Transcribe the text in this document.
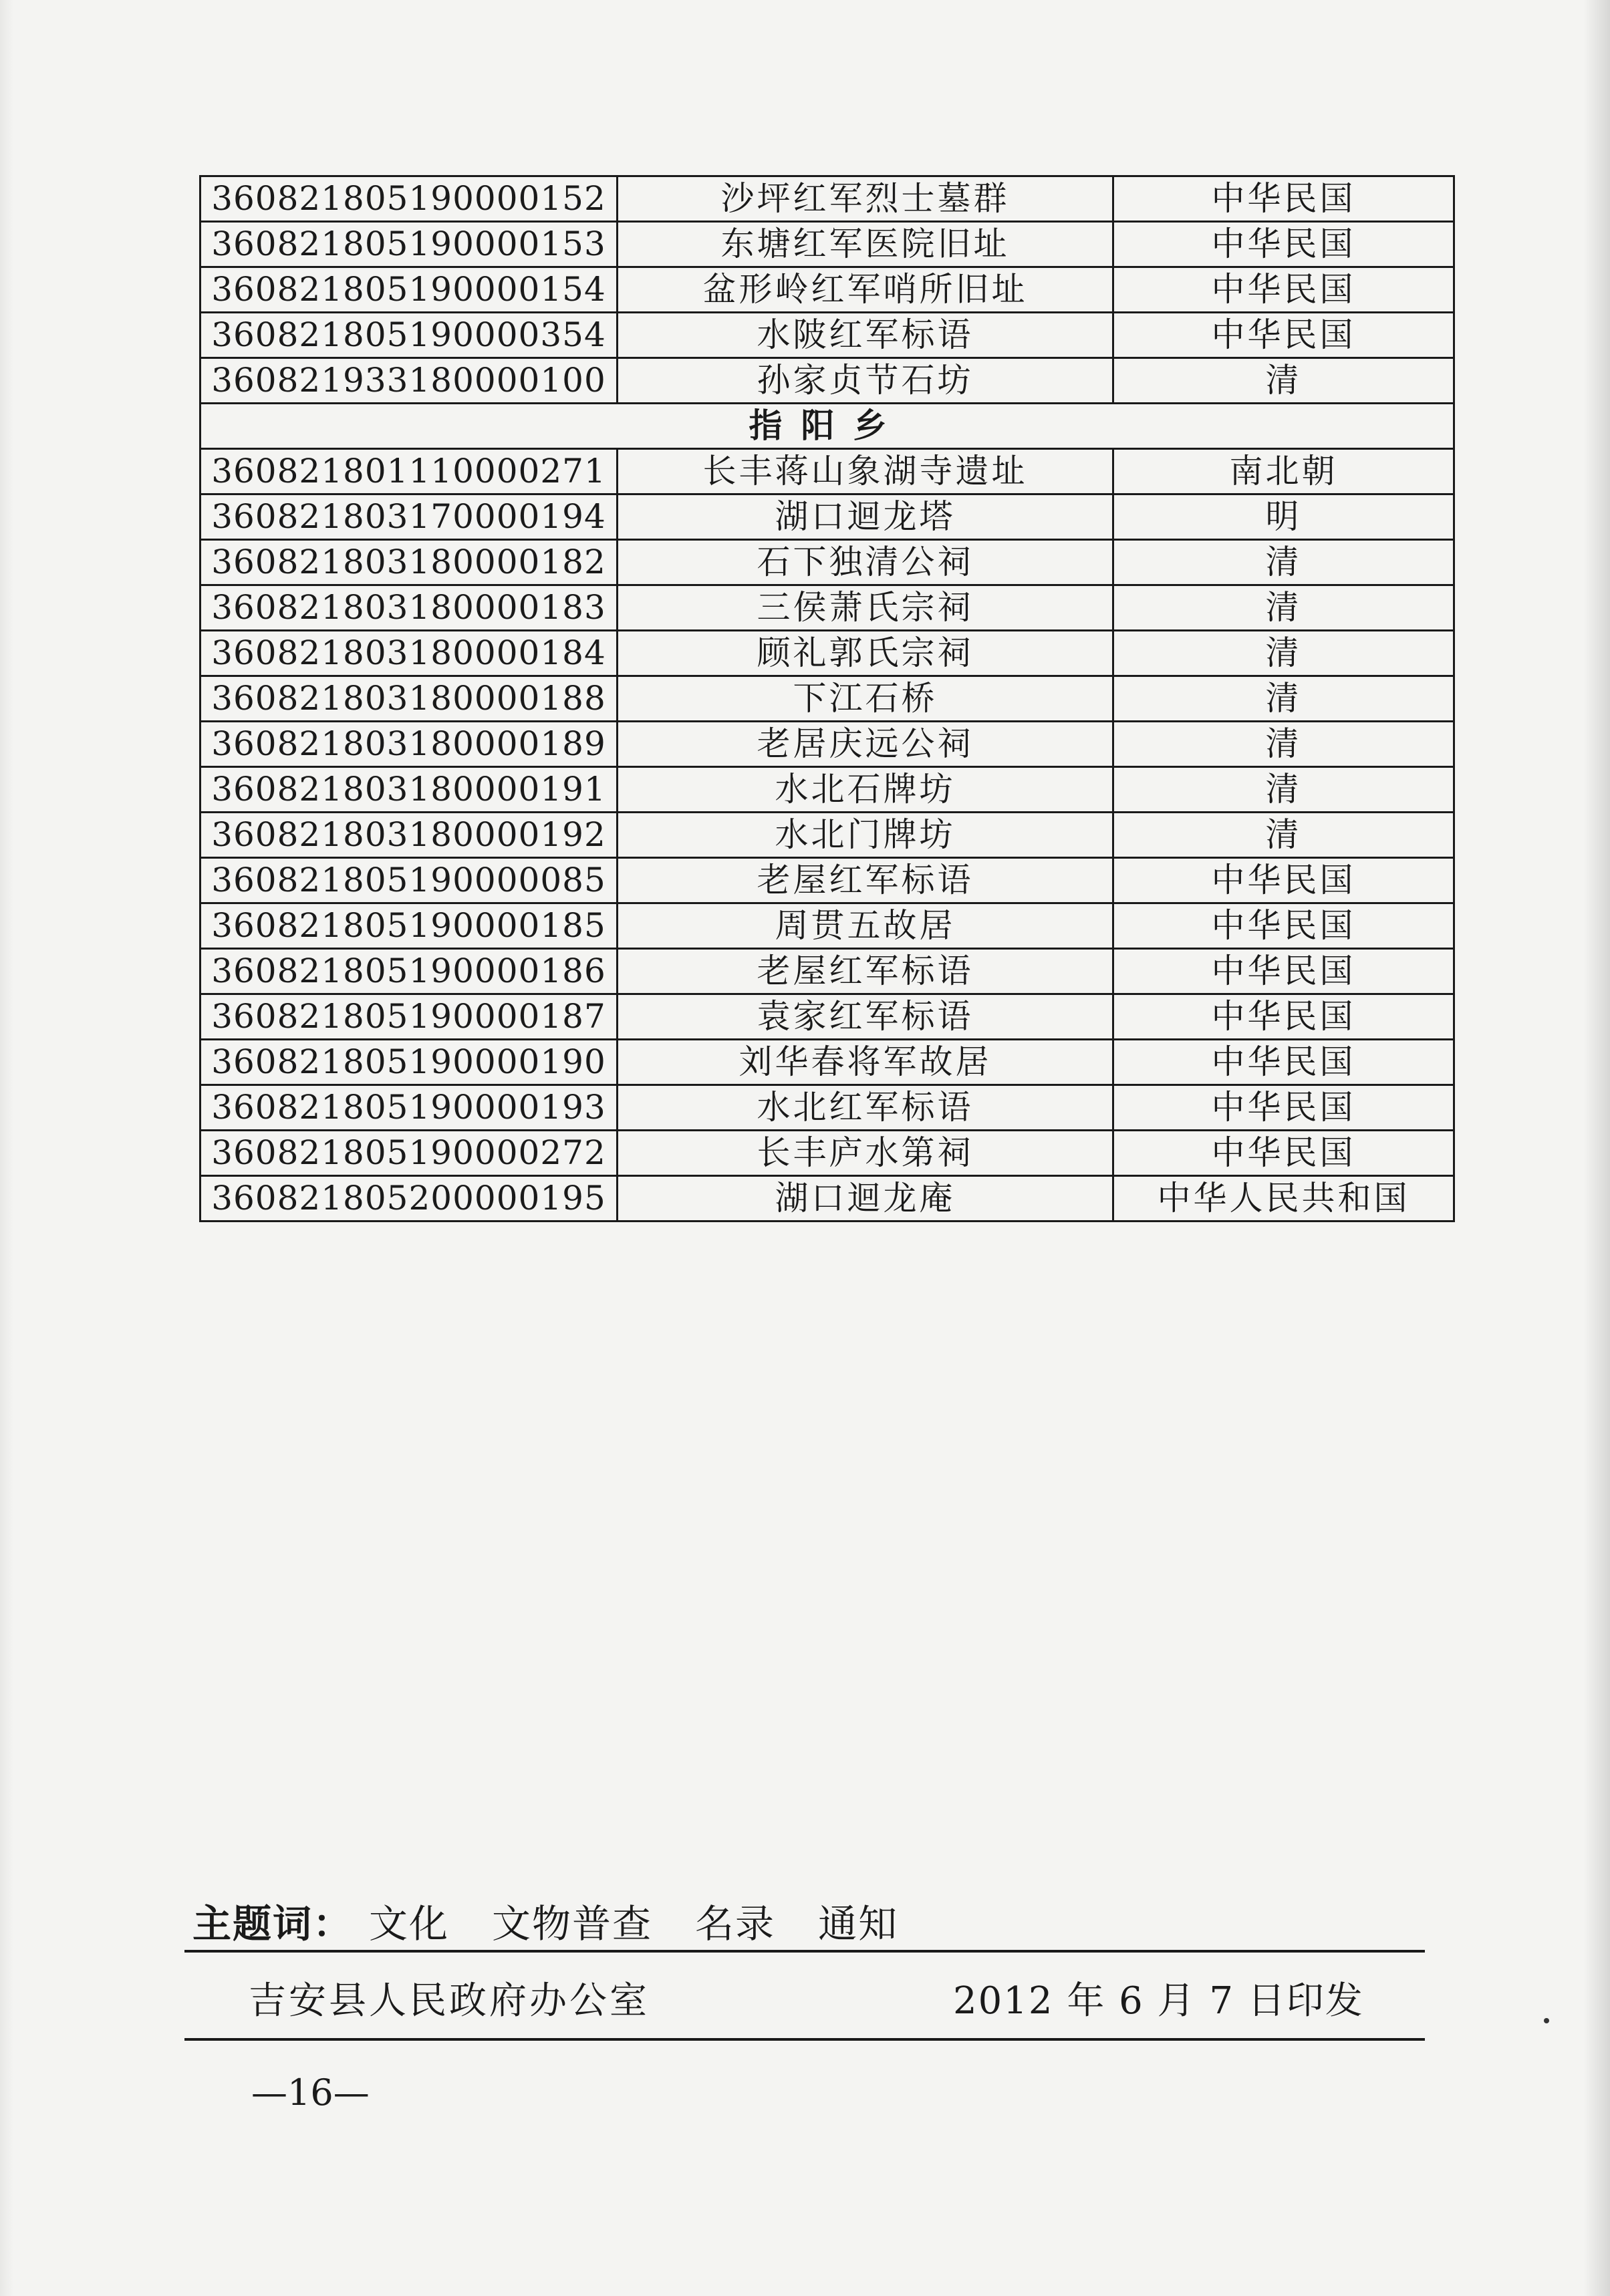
360821805190000152	沙坪红军烈士墓群	中华民国
360821805190000153	东塘红军医院旧址	中华民国
360821805190000154	盆形岭红军哨所旧址	中华民国
360821805190000354	水陂红军标语	中华民国
360821933180000100	孙家贞节石坊	清
指阳乡		
360821801110000271	长丰蒋山象湖寺遗址	南北朝
360821803170000194	湖口迴龙塔	明
360821803180000182	石下独清公祠	清
360821803180000183	三侯萧氏宗祠	清
360821803180000184	顾礼郭氏宗祠	清
360821803180000188	下江石桥	清
360821803180000189	老居庆远公祠	清
360821803180000191	水北石牌坊	清
360821803180000192	水北门牌坊	清
360821805190000085	老屋红军标语	中华民国
360821805190000185	周贯五故居	中华民国
360821805190000186	老屋红军标语	中华民国
360821805190000187	袁家红军标语	中华民国
360821805190000190	刘华春将军故居	中华民国
360821805190000193	水北红军标语	中华民国
360821805190000272	长丰庐水第祠	中华民国
360821805200000195	湖口迴龙庵	中华人民共和国
主题词： 文化 文物普查 名录 通知
吉安县人民政府办公室	2012 年 6 月 7 日印发
—16—
